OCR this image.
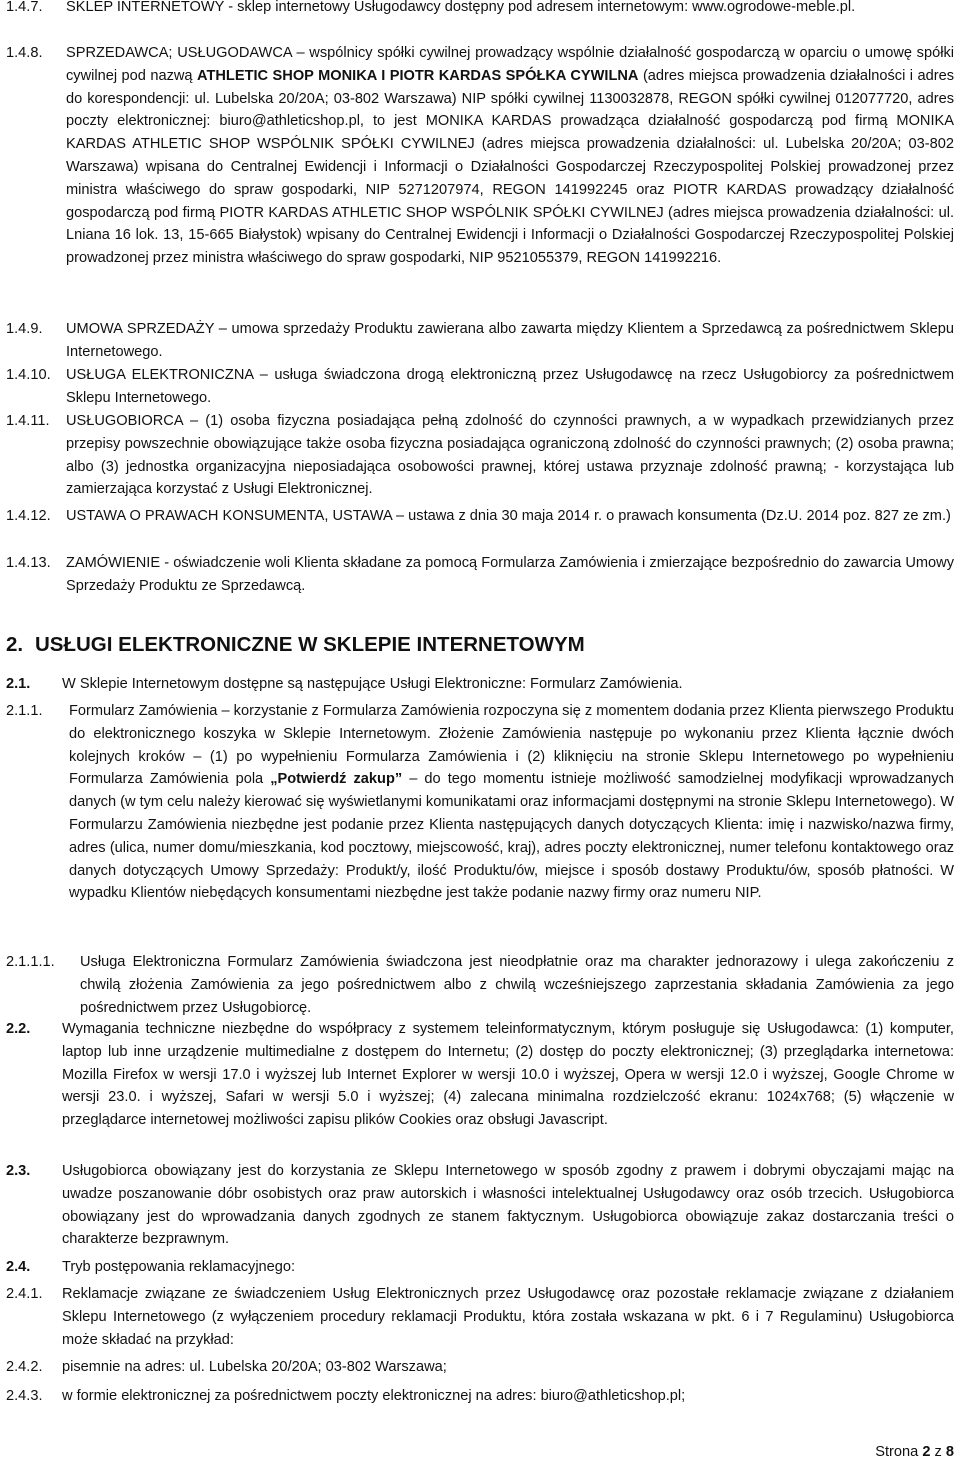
1.4.7.	SKLEP INTERNETOWY - sklep internetowy Usługodawcy dostępny pod adresem internetowym: www.ogrodowe-meble.pl.
1.4.8.	SPRZEDAWCA; USŁUGODAWCA – wspólnicy spółki cywilnej prowadzący wspólnie działalność gospodarczą w oparciu o umowę spółki cywilnej pod nazwą ATHLETIC SHOP MONIKA I PIOTR KARDAS SPÓŁKA CYWILNA (adres miejsca prowadzenia działalności i adres do korespondencji: ul. Lubelska 20/20A; 03-802 Warszawa) NIP spółki cywilnej 1130032878, REGON spółki cywilnej 012077720, adres poczty elektronicznej: biuro@athleticshop.pl, to jest MONIKA KARDAS prowadząca działalność gospodarczą pod firmą MONIKA KARDAS ATHLETIC SHOP WSPÓLNIK SPÓŁKI CYWILNEJ (adres miejsca prowadzenia działalności: ul. Lubelska 20/20A; 03-802 Warszawa) wpisana do Centralnej Ewidencji i Informacji o Działalności Gospodarczej Rzeczypospolitej Polskiej prowadzonej przez ministra właściwego do spraw gospodarki, NIP 5271207974, REGON 141992245 oraz PIOTR KARDAS prowadzący działalność gospodarczą pod firmą PIOTR KARDAS ATHLETIC SHOP WSPÓLNIK SPÓŁKI CYWILNEJ (adres miejsca prowadzenia działalności: ul. Lniana 16 lok. 13, 15-665 Białystok) wpisany do Centralnej Ewidencji i Informacji o Działalności Gospodarczej Rzeczypospolitej Polskiej prowadzonej przez ministra właściwego do spraw gospodarki, NIP 9521055379, REGON 141992216.
1.4.9.	UMOWA SPRZEDAŻY – umowa sprzedaży Produktu zawierana albo zawarta między Klientem a Sprzedawcą za pośrednictwem Sklepu Internetowego.
1.4.10.	USŁUGA ELEKTRONICZNA – usługa świadczona drogą elektroniczną przez Usługodawcę na rzecz Usługobiorcy za pośrednictwem Sklepu Internetowego.
1.4.11.	USŁUGOBIORCA – (1) osoba fizyczna posiadająca pełną zdolność do czynności prawnych, a w wypadkach przewidzianych przez przepisy powszechnie obowiązujące także osoba fizyczna posiadająca ograniczoną zdolność do czynności prawnych; (2) osoba prawna; albo (3) jednostka organizacyjna nieposiadająca osobowości prawnej, której ustawa przyznaje zdolność prawną; - korzystająca lub zamierzająca korzystać z Usługi Elektronicznej.
1.4.12.	USTAWA O PRAWACH KONSUMENTA, USTAWA – ustawa z dnia 30 maja 2014 r. o prawach konsumenta (Dz.U. 2014 poz. 827 ze zm.)
1.4.13.	ZAMÓWIENIE - oświadczenie woli Klienta składane za pomocą Formularza Zamówienia i zmierzające bezpośrednio do zawarcia Umowy Sprzedaży Produktu ze Sprzedawcą.
2. USŁUGI ELEKTRONICZNE W SKLEPIE INTERNETOWYM
2.1.	W Sklepie Internetowym dostępne są następujące Usługi Elektroniczne: Formularz Zamówienia.
2.1.1.	Formularz Zamówienia – korzystanie z Formularza Zamówienia rozpoczyna się z momentem dodania przez Klienta pierwszego Produktu do elektronicznego koszyka w Sklepie Internetowym. Złożenie Zamówienia następuje po wykonaniu przez Klienta łącznie dwóch kolejnych kroków – (1) po wypełnieniu Formularza Zamówienia i (2) kliknięciu na stronie Sklepu Internetowego po wypełnieniu Formularza Zamówienia pola „Potwierdź zakup” – do tego momentu istnieje możliwość samodzielnej modyfikacji wprowadzanych danych (w tym celu należy kierować się wyświetlanymi komunikatami oraz informacjami dostępnymi na stronie Sklepu Internetowego). W Formularzu Zamówienia niezbędne jest podanie przez Klienta następujących danych dotyczących Klienta: imię i nazwisko/nazwa firmy, adres (ulica, numer domu/mieszkania, kod pocztowy, miejscowość, kraj), adres poczty elektronicznej, numer telefonu kontaktowego oraz danych dotyczących Umowy Sprzedaży: Produkt/y, ilość Produktu/ów, miejsce i sposób dostawy Produktu/ów, sposób płatności. W wypadku Klientów niebędących konsumentami niezbędne jest także podanie nazwy firmy oraz numeru NIP.
2.1.1.1.	Usługa Elektroniczna Formularz Zamówienia świadczona jest nieodpłatnie oraz ma charakter jednorazowy i ulega zakończeniu z chwilą złożenia Zamówienia za jego pośrednictwem albo z chwilą wcześniejszego zaprzestania składania Zamówienia za jego pośrednictwem przez Usługobiorcę.
2.2.	Wymagania techniczne niezbędne do współpracy z systemem teleinformatycznym, którym posługuje się Usługodawca: (1) komputer, laptop lub inne urządzenie multimedialne z dostępem do Internetu; (2) dostęp do poczty elektronicznej; (3) przeglądarka internetowa: Mozilla Firefox w wersji 17.0 i wyższej lub Internet Explorer w wersji 10.0 i wyższej, Opera w wersji 12.0 i wyższej, Google Chrome w wersji 23.0. i wyższej, Safari w wersji 5.0 i wyższej; (4) zalecana minimalna rozdzielczość ekranu: 1024x768; (5) włączenie w przeglądarce internetowej możliwości zapisu plików Cookies oraz obsługi Javascript.
2.3.	Usługobiorca obowiązany jest do korzystania ze Sklepu Internetowego w sposób zgodny z prawem i dobrymi obyczajami mając na uwadze poszanowanie dóbr osobistych oraz praw autorskich i własności intelektualnej Usługodawcy oraz osób trzecich. Usługobiorca obowiązany jest do wprowadzania danych zgodnych ze stanem faktycznym. Usługobiorca obowiązuje zakaz dostarczania treści o charakterze bezprawnym.
2.4.	Tryb postępowania reklamacyjnego:
2.4.1.	Reklamacje związane ze świadczeniem Usług Elektronicznych przez Usługodawcę oraz pozostałe reklamacje związane z działaniem Sklepu Internetowego (z wyłączeniem procedury reklamacji Produktu, która została wskazana w pkt. 6 i 7 Regulaminu) Usługobiorca może składać na przykład:
2.4.2.	pisemnie na adres: ul. Lubelska 20/20A; 03-802 Warszawa;
2.4.3.	w formie elektronicznej za pośrednictwem poczty elektronicznej na adres: biuro@athleticshop.pl;
Strona 2 z 8
